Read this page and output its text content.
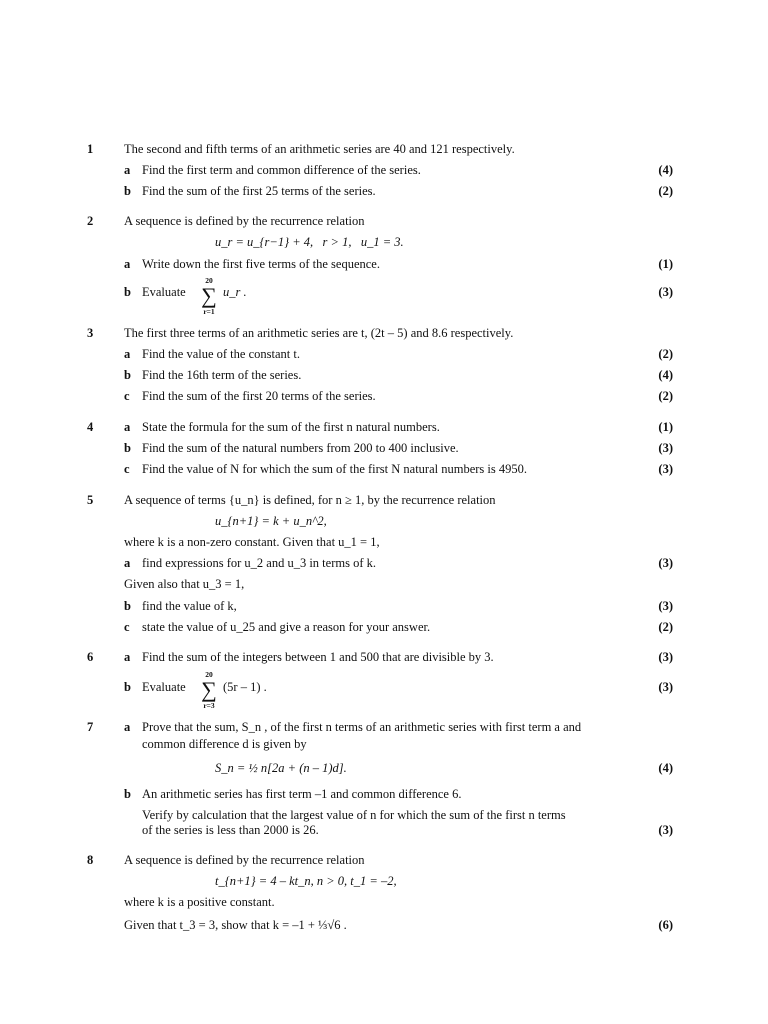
1 The second and fifth terms of an arithmetic series are 40 and 121 respectively.
a Find the first term and common difference of the series.	(4)
b Find the sum of the first 25 terms of the series.	(2)
2 A sequence is defined by the recurrence relation
u_r = u_{r−1} + 4, r > 1, u_1 = 3.
a Write down the first five terms of the sequence.	(1)
b Evaluate
20
∑
r=1
u_r .	(3)
3 The first three terms of an arithmetic series are t, (2t – 5) and 8.6 respectively.
a Find the value of the constant t.	(2)
b Find the 16th term of the series.	(4)
c Find the sum of the first 20 terms of the series.	(2)
4 a State the formula for the sum of the first n natural numbers.	(1)
b Find the sum of the natural numbers from 200 to 400 inclusive.	(3)
c Find the value of N for which the sum of the first N natural numbers is 4950.	(3)
5 A sequence of terms {u_n} is defined, for n ≥ 1, by the recurrence relation
u_{n+1} = k + u_n^2,
where k is a non-zero constant. Given that u_1 = 1,
a find expressions for u_2 and u_3 in terms of k.	(3)
Given also that u_3 = 1,
b find the value of k,	(3)
c state the value of u_25 and give a reason for your answer.	(2)
6 a Find the sum of the integers between 1 and 500 that are divisible by 3.	(3)
b Evaluate
20
∑
r=3
(5r – 1) .	(3)
7 a Prove that the sum, S_n , of the first n terms of an arithmetic series with first term a and
common difference d is given by
S_n = ½ n[2a + (n – 1)d].	(4)
b An arithmetic series has first term –1 and common difference 6.
Verify by calculation that the largest value of n for which the sum of the first n terms
of the series is less than 2000 is 26.	(3)
8 A sequence is defined by the recurrence relation
t_{n+1} = 4 – kt_n, n > 0, t_1 = –2,
where k is a positive constant.
Given that t_3 = 3, show that k = –1 + ⅓√6 .	(6)
